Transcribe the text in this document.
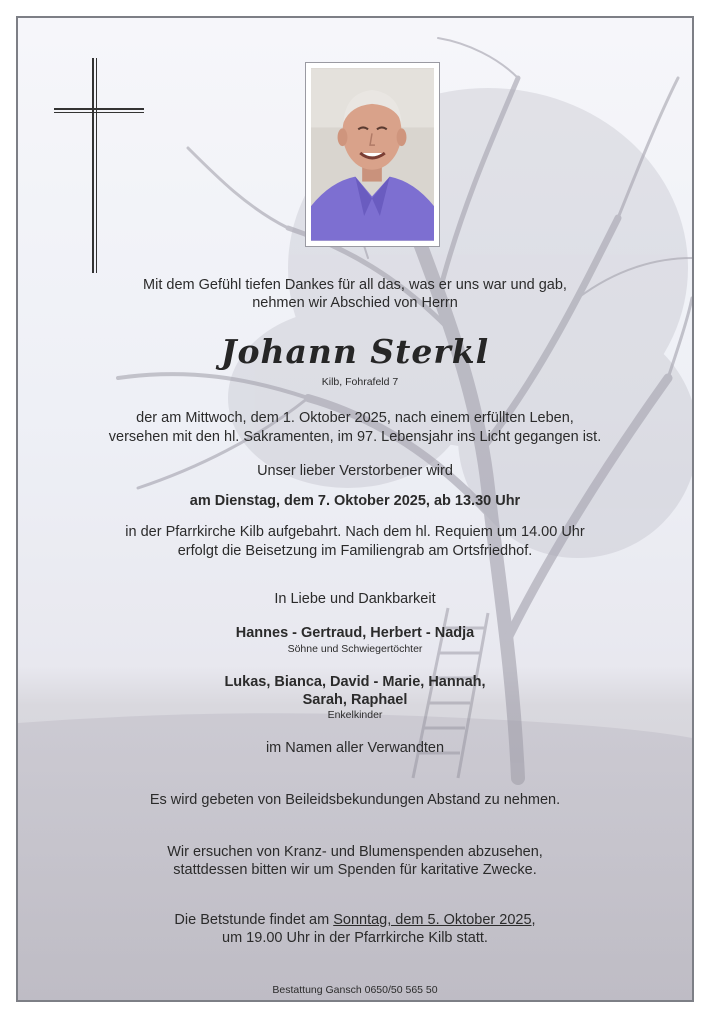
Mit dem Gefühl tiefen Dankes für all das, was er uns war und gab,
nehmen wir Abschied von Herrn
Johann Sterkl
Kilb, Fohrafeld 7
der am Mittwoch, dem 1. Oktober 2025, nach einem erfüllten Leben,
versehen mit den hl. Sakramenten, im 97. Lebensjahr ins Licht gegangen ist.
Unser lieber Verstorbener wird
am Dienstag, dem 7. Oktober 2025, ab 13.30 Uhr
in der Pfarrkirche Kilb aufgebahrt. Nach dem hl. Requiem um 14.00 Uhr
erfolgt die Beisetzung im Familiengrab am Ortsfriedhof.
In Liebe und Dankbarkeit
Hannes - Gertraud, Herbert - Nadja
Söhne und Schwiegertöchter
Lukas, Bianca, David - Marie, Hannah,
Sarah, Raphael
Enkelkinder
im Namen aller Verwandten
Es wird gebeten von Beileidsbekundungen Abstand zu nehmen.
Wir ersuchen von Kranz- und Blumenspenden abzusehen,
stattdessen bitten wir um Spenden für karitative Zwecke.
Die Betstunde findet am Sonntag, dem 5. Oktober 2025,
um 19.00 Uhr in der Pfarrkirche Kilb statt.
Bestattung Gansch 0650/50 565 50
